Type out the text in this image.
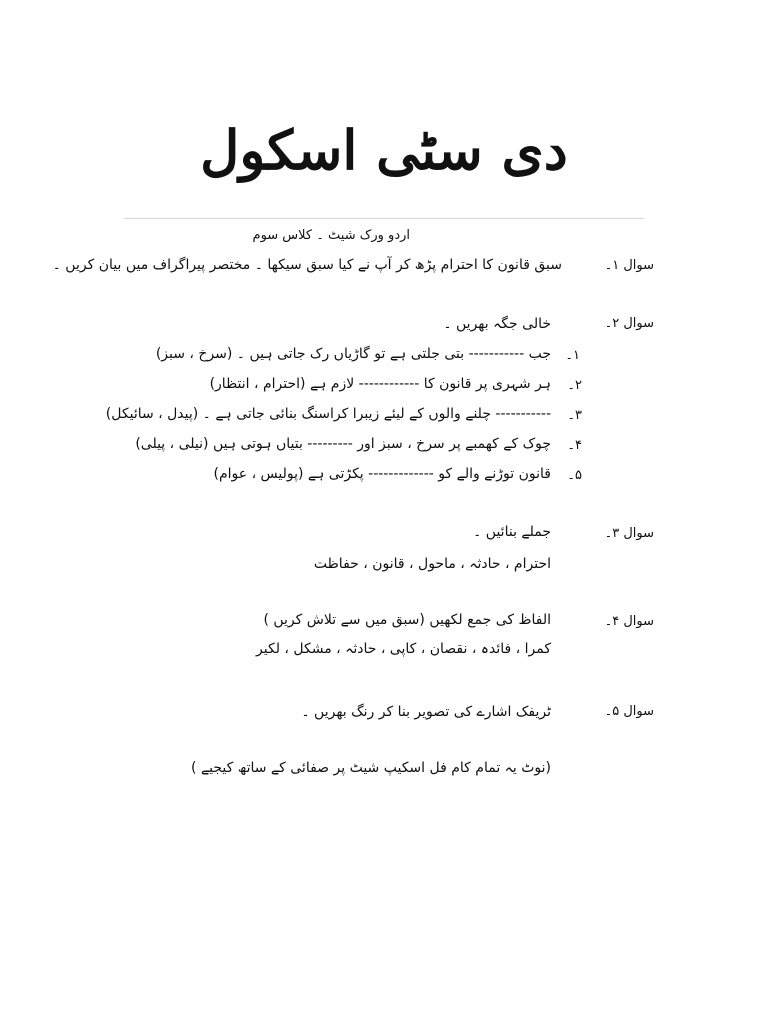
دی سٹی اسکول
اردو ورک شیٹ ۔ کلاس سوم
سوال ۱۔
سبق قانون کا احترام پڑھ کر آپ نے کیا سبق سیکھا ۔ مختصر پیراگراف میں بیان کریں ۔
سوال ۲۔
خالی جگہ بھریں ۔
۱۔
جب ----------- بتی جلتی ہے تو گاڑیاں رک جاتی ہیں ۔ (سرخ ، سبز)
۲۔
ہر شہری پر قانون کا ------------ لازم ہے (احترام ، انتظار)
۳۔
----------- چلنے والوں کے لیئے زیبرا کراسنگ بنائی جاتی ہے ۔ (پیدل ، سائیکل)
۴۔
چوک کے کھمبے پر سرخ ، سبز اور --------- بتیاں ہوتی ہیں (نیلی ، پیلی)
۵۔
قانون توڑنے والے کو ------------- پکڑتی ہے (پولیس ، عوام)
سوال ۳۔
جملے بنائیں ۔
احترام ، حادثہ ، ماحول ، قانون ، حفاظت
سوال ۴۔
الفاظ کی جمع لکھیں (سبق میں سے تلاش کریں )
کمرا ، فائدہ ، نقصان ، کاپی ، حادثہ ، مشکل ، لکیر
سوال ۵۔
ٹریفک اشارے کی تصویر بنا کر رنگ بھریں ۔
(نوٹ یہ تمام کام فل اسکیپ شیٹ پر صفائی کے ساتھ کیجیے )
